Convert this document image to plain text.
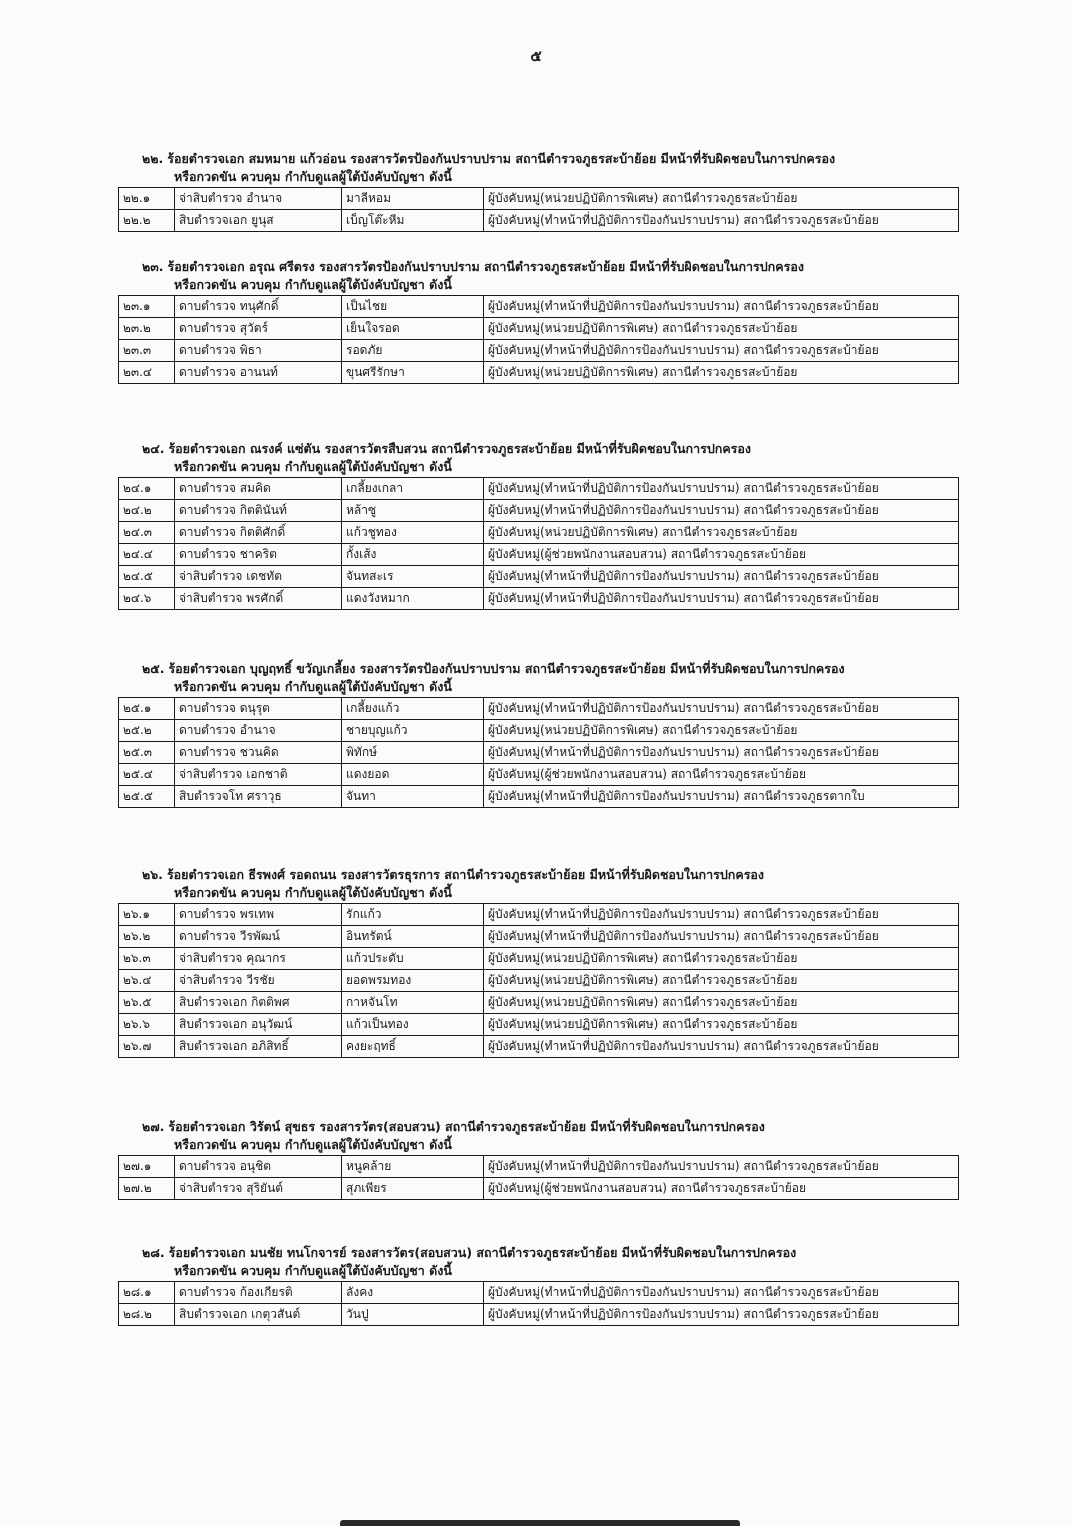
๕
๒๒. ร้อยตำรวจเอก สมหมาย แก้วอ่อน รองสารวัตรป้องกันปราบปราม สถานีตำรวจภูธรสะบ้าย้อย มีหน้าที่รับผิดชอบในการปกครอง
หรือกวดขัน ควบคุม กำกับดูแลผู้ใต้บังคับบัญชา ดังนี้
๒๒.๑	จ่าสิบตำรวจ อำนาจ	มาลีหอม	ผู้บังคับหมู่(หน่วยปฏิบัติการพิเศษ) สถานีตำรวจภูธรสะบ้าย้อย
๒๒.๒	สิบตำรวจเอก ยูนุส	เบ็ญโต๊ะหีม	ผู้บังคับหมู่(ทำหน้าที่ปฏิบัติการป้องกันปราบปราม) สถานีตำรวจภูธรสะบ้าย้อย
๒๓. ร้อยตำรวจเอก อรุณ ศรีตรง รองสารวัตรป้องกันปราบปราม สถานีตำรวจภูธรสะบ้าย้อย มีหน้าที่รับผิดชอบในการปกครอง
หรือกวดขัน ควบคุม กำกับดูแลผู้ใต้บังคับบัญชา ดังนี้
๒๓.๑	ดาบตำรวจ ทนุศักดิ์	เป็นไชย	ผู้บังคับหมู่(ทำหน้าที่ปฏิบัติการป้องกันปราบปราม) สถานีตำรวจภูธรสะบ้าย้อย
๒๓.๒	ดาบตำรวจ สุวัตร์	เย็นใจรอด	ผู้บังคับหมู่(หน่วยปฏิบัติการพิเศษ) สถานีตำรวจภูธรสะบ้าย้อย
๒๓.๓	ดาบตำรวจ พิธา	รอดภัย	ผู้บังคับหมู่(ทำหน้าที่ปฏิบัติการป้องกันปราบปราม) สถานีตำรวจภูธรสะบ้าย้อย
๒๓.๔	ดาบตำรวจ อานนท์	ขุนศรีรักษา	ผู้บังคับหมู่(หน่วยปฏิบัติการพิเศษ) สถานีตำรวจภูธรสะบ้าย้อย
๒๔. ร้อยตำรวจเอก ณรงค์ แซ่ตัน รองสารวัตรสืบสวน สถานีตำรวจภูธรสะบ้าย้อย มีหน้าที่รับผิดชอบในการปกครอง
หรือกวดขัน ควบคุม กำกับดูแลผู้ใต้บังคับบัญชา ดังนี้
๒๔.๑	ดาบตำรวจ สมคิด	เกลี้ยงเกลา	ผู้บังคับหมู่(ทำหน้าที่ปฏิบัติการป้องกันปราบปราม) สถานีตำรวจภูธรสะบ้าย้อย
๒๔.๒	ดาบตำรวจ กิตตินันท์	หล้าซู	ผู้บังคับหมู่(ทำหน้าที่ปฏิบัติการป้องกันปราบปราม) สถานีตำรวจภูธรสะบ้าย้อย
๒๔.๓	ดาบตำรวจ กิตติศักดิ์	แก้วชูทอง	ผู้บังคับหมู่(หน่วยปฏิบัติการพิเศษ) สถานีตำรวจภูธรสะบ้าย้อย
๒๔.๔	ดาบตำรวจ ชาคริต	กั้งเส้ง	ผู้บังคับหมู่(ผู้ช่วยพนักงานสอบสวน) สถานีตำรวจภูธรสะบ้าย้อย
๒๔.๕	จ่าสิบตำรวจ เดชทัต	จันทสะเร	ผู้บังคับหมู่(ทำหน้าที่ปฏิบัติการป้องกันปราบปราม) สถานีตำรวจภูธรสะบ้าย้อย
๒๔.๖	จ่าสิบตำรวจ พรศักดิ์	แดงวังหมาก	ผู้บังคับหมู่(ทำหน้าที่ปฏิบัติการป้องกันปราบปราม) สถานีตำรวจภูธรสะบ้าย้อย
๒๕. ร้อยตำรวจเอก บุญฤทธิ์ ขวัญเกลี้ยง รองสารวัตรป้องกันปราบปราม สถานีตำรวจภูธรสะบ้าย้อย มีหน้าที่รับผิดชอบในการปกครอง
หรือกวดขัน ควบคุม กำกับดูแลผู้ใต้บังคับบัญชา ดังนี้
๒๕.๑	ดาบตำรวจ ดนุรุต	เกลี้ยงแก้ว	ผู้บังคับหมู่(ทำหน้าที่ปฏิบัติการป้องกันปราบปราม) สถานีตำรวจภูธรสะบ้าย้อย
๒๕.๒	ดาบตำรวจ อำนาจ	ชายบุญแก้ว	ผู้บังคับหมู่(หน่วยปฏิบัติการพิเศษ) สถานีตำรวจภูธรสะบ้าย้อย
๒๕.๓	ดาบตำรวจ ชวนคิด	พิทักษ์	ผู้บังคับหมู่(ทำหน้าที่ปฏิบัติการป้องกันปราบปราม) สถานีตำรวจภูธรสะบ้าย้อย
๒๕.๔	จ่าสิบตำรวจ เอกชาติ	แดงยอด	ผู้บังคับหมู่(ผู้ช่วยพนักงานสอบสวน) สถานีตำรวจภูธรสะบ้าย้อย
๒๕.๕	สิบตำรวจโท ศราวุธ	จันทา	ผู้บังคับหมู่(ทำหน้าที่ปฏิบัติการป้องกันปราบปราม) สถานีตำรวจภูธรตากใบ
๒๖. ร้อยตำรวจเอก ธีรพงศ์ รอดถนน รองสารวัตรธุรการ สถานีตำรวจภูธรสะบ้าย้อย มีหน้าที่รับผิดชอบในการปกครอง
หรือกวดขัน ควบคุม กำกับดูแลผู้ใต้บังคับบัญชา ดังนี้
๒๖.๑	ดาบตำรวจ พรเทพ	รักแก้ว	ผู้บังคับหมู่(ทำหน้าที่ปฏิบัติการป้องกันปราบปราม) สถานีตำรวจภูธรสะบ้าย้อย
๒๖.๒	ดาบตำรวจ วีรพัฒน์	อินทรัตน์	ผู้บังคับหมู่(ทำหน้าที่ปฏิบัติการป้องกันปราบปราม) สถานีตำรวจภูธรสะบ้าย้อย
๒๖.๓	จ่าสิบตำรวจ คุณากร	แก้วประดับ	ผู้บังคับหมู่(หน่วยปฏิบัติการพิเศษ) สถานีตำรวจภูธรสะบ้าย้อย
๒๖.๔	จ่าสิบตำรวจ วีรชัย	ยอดพรมทอง	ผู้บังคับหมู่(หน่วยปฏิบัติการพิเศษ) สถานีตำรวจภูธรสะบ้าย้อย
๒๖.๕	สิบตำรวจเอก กิตติพศ	กาหจันโท	ผู้บังคับหมู่(หน่วยปฏิบัติการพิเศษ) สถานีตำรวจภูธรสะบ้าย้อย
๒๖.๖	สิบตำรวจเอก อนุวัฒน์	แก้วเป็นทอง	ผู้บังคับหมู่(หน่วยปฏิบัติการพิเศษ) สถานีตำรวจภูธรสะบ้าย้อย
๒๖.๗	สิบตำรวจเอก อภิสิทธิ์	คงยะฤทธิ์	ผู้บังคับหมู่(ทำหน้าที่ปฏิบัติการป้องกันปราบปราม) สถานีตำรวจภูธรสะบ้าย้อย
๒๗. ร้อยตำรวจเอก วิรัตน์ สุขธร รองสารวัตร(สอบสวน) สถานีตำรวจภูธรสะบ้าย้อย มีหน้าที่รับผิดชอบในการปกครอง
หรือกวดขัน ควบคุม กำกับดูแลผู้ใต้บังคับบัญชา ดังนี้
๒๗.๑	ดาบตำรวจ อนุชิต	หนูคล้าย	ผู้บังคับหมู่(ทำหน้าที่ปฏิบัติการป้องกันปราบปราม) สถานีตำรวจภูธรสะบ้าย้อย
๒๗.๒	จ่าสิบตำรวจ สุริยันต์	สุภเพียร	ผู้บังคับหมู่(ผู้ช่วยพนักงานสอบสวน) สถานีตำรวจภูธรสะบ้าย้อย
๒๘. ร้อยตำรวจเอก มนชัย ทนโกจารย์ รองสารวัตร(สอบสวน) สถานีตำรวจภูธรสะบ้าย้อย มีหน้าที่รับผิดชอบในการปกครอง
หรือกวดขัน ควบคุม กำกับดูแลผู้ใต้บังคับบัญชา ดังนี้
๒๘.๑	ดาบตำรวจ ก้องเกียรติ	ลังคง	ผู้บังคับหมู่(ทำหน้าที่ปฏิบัติการป้องกันปราบปราม) สถานีตำรวจภูธรสะบ้าย้อย
๒๘.๒	สิบตำรวจเอก เกตุวสันต์	วันปู	ผู้บังคับหมู่(ทำหน้าที่ปฏิบัติการป้องกันปราบปราม) สถานีตำรวจภูธรสะบ้าย้อย
